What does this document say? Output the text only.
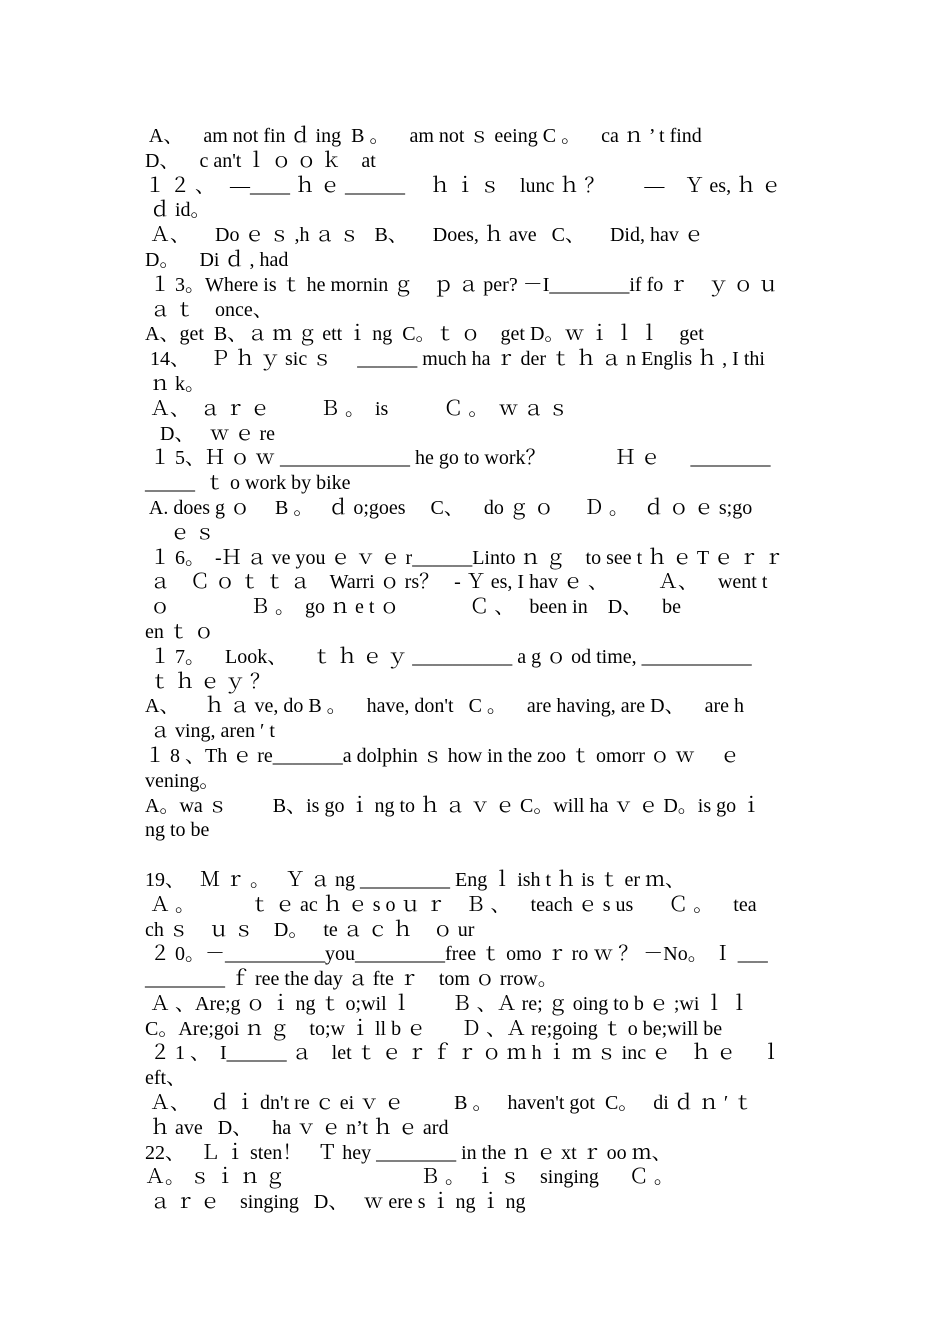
A、    am not fin ｄ ing  B 。    am not ｓ eeing C 。    ca ｎ ’ t find
D、    c an't ｌ ｏ ｏ ｋ    at
１ ２ 、   —____ ｈ ｅ ______     ｈ ｉ ｓ    lunc ｈ ？        —    Ｙ es, ｈ ｅ
ｄ id。
Ａ、     Do ｅ ｓ ,h ａ ｓ   B、     Does, ｈ ave   C、     Did, hav ｅ
D。    Di ｄ , had
１ 3。Where is ｔ he mornin ｇ    ｐ ａ per? －I________if fo ｒ    ｙ ｏ ｕ
ａ ｔ    once、
A、get  B、ａ ｍ ｇ ett ｉ ng  C。ｔ ｏ    get D。ｗ ｉ ｌ ｌ    get
14、    Ｐ ｈ ｙ sic ｓ     ______ much ha ｒ der ｔ ｈ ａ n Englis ｈ , I thi
ｎ k。
Ａ、  ａ ｒ ｅ          Ｂ 。  is           Ｃ 。  ｗ ａ ｓ
D、   ｗ ｅ re
１ 5、Ｈ ｏ ｗ _____________ he go to work？              Ｈ ｅ      ________
_____  ｔ o work by bike
A. does g ｏ     B 。   ｄ o;goes     C、    do ｇ ｏ      Ｄ 。   ｄ ｏ ｅ s;go
ｅ ｓ
１ 6。  -Ｈ ａ ve you ｅ ｖ ｅ r______Linto ｎ ｇ    to see t ｈ ｅ T ｅ ｒ ｒ
ａ    Ｃ ｏ ｔ ｔ ａ    Warri ｏ rs？   - Ｙ es, I hav ｅ 、          Ａ、    went t
ｏ                Ｂ 。  go ｎ e t ｏ              Ｃ 、   been in    D、    be
en ｔ ｏ
１ 7。    Look、     ｔ ｈ ｅ ｙ __________ a g ｏ od time, ___________
ｔ ｈ ｅ ｙ ？
A、     ｈ ａ ve, do B 。    have, don't   C 。    are having, are D、    are h
ａ ving, aren ′ t
１ 8 、Th ｅ re_______a dolphin ｓ how in the zoo ｔ omorr ｏ ｗ     ｅ
vening。
A。wa ｓ         B、is go ｉ ng to ｈ ａ ｖ ｅ C。will ha ｖ ｅ D。is go ｉ
ng to be
19、   Ｍ ｒ 。   Ｙ ａ ng _________ Eng ｌ ish t ｈ is ｔ er ｍ、
Ａ 。           ｔ ｅ ac ｈ ｅ s o ｕ ｒ    Ｂ 、    teach ｅ s us       Ｃ 。    tea
ch ｓ    ｕ ｓ    D。   te ａ ｃ ｈ    ｏ ur
２ 0。－__________you_________free ｔ omo ｒ ro ｗ ？ －No。 Ｉ ___
________ ｆ ree the day ａ fte ｒ    tom ｏ rrow。
Ａ 、Are;g ｏ ｉ ng ｔ o;wil ｌ        Ｂ 、Ａ re; ｇ oing to b ｅ ;wi ｌ ｌ
C。Are;goi ｎ ｇ    to;w ｉ ll b ｅ       Ｄ 、Ａ re;going ｔ o be;will be
２ 1 、  I______ ａ    let ｔ ｅ ｒ ｆ ｒ ｏ ｍ h ｉ ｍ ｓ inc ｅ    ｈ ｅ     ｌ
eft、
Ａ、    ｄ ｉ dn't re ｃ ei ｖ ｅ          B 。   haven't got  C。   di ｄ ｎ ′ ｔ
ｈ ave   D、    ha ｖ ｅ n’t ｈ ｅ ard
22、   Ｌ ｉ sten！   Ｔ hey ________ in the ｎ ｅ xt ｒ oo ｍ、
Ａ。 ｓ ｉ ｎ ｇ                           Ｂ 。  ｉ ｓ    singing      Ｃ 。
ａ ｒ ｅ    singing   D、   ｗ ere s ｉ ng ｉ ng
